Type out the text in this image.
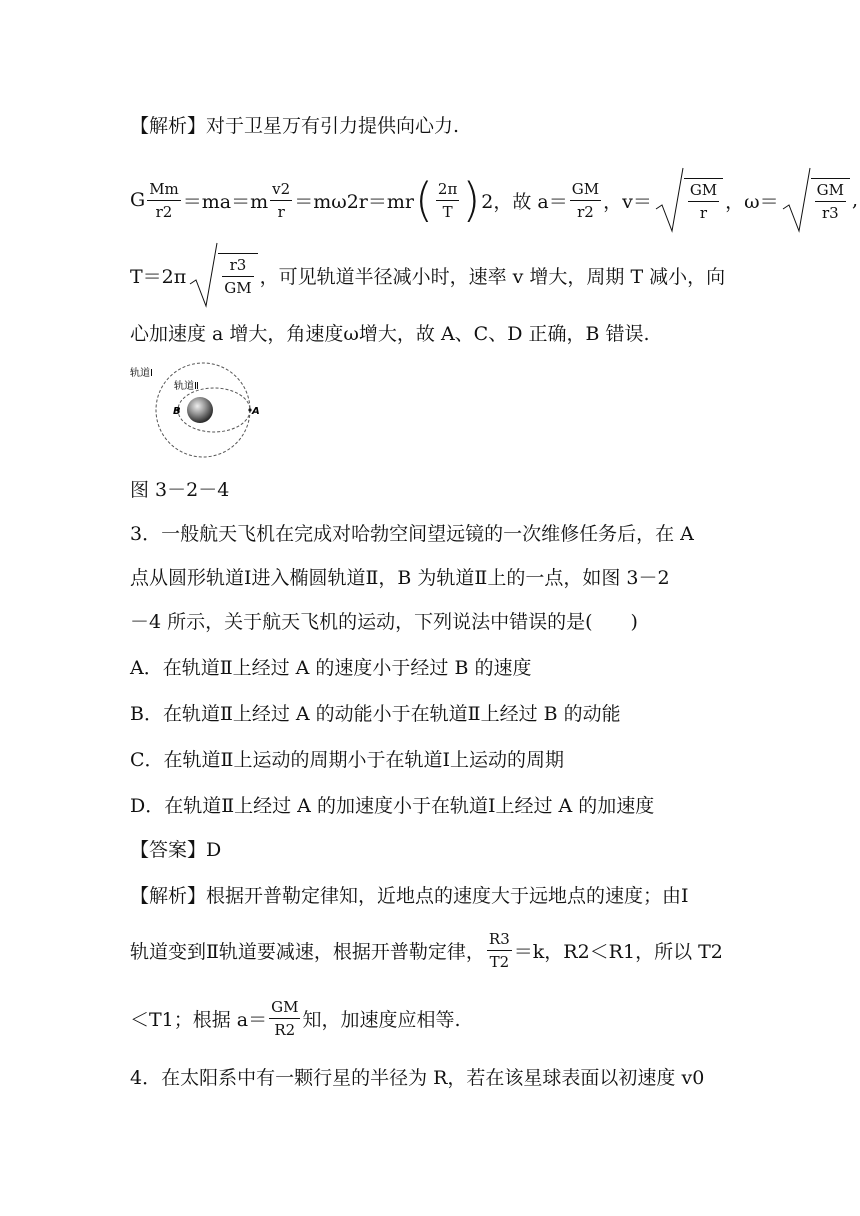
【解析】对于卫星万有引力提供向心力.
G $\frac{Mm}{r2} =ma=m \frac{v2}{r} =m\omega 2r=mr$ ( $\frac{2\pi}{T}$ ) 2，故 $a= \frac{GM}{r2}$ ，$v= \frac{GM}{r}$ ，$\omega= \frac{GM}{r3}$ ,
$T=2\pi \frac{r3}{GM}$ ，可见轨道半径减小时，速率 v 增大，周期 T 减小，向
心加速度 a 增大，角速度ω增大，故 A、C、D 正确，B 错误.
轨道Ⅰ
轨道Ⅱ
B	A
图 3－2－4
3．一般航天飞机在完成对哈勃空间望远镜的一次维修任务后，在 A
点从圆形轨道Ⅰ进入椭圆轨道Ⅱ，B 为轨道Ⅱ上的一点，如图 3－2
－4 所示，关于航天飞机的运动，下列说法中错误的是(　　)
A．在轨道Ⅱ上经过 A 的速度小于经过 B 的速度
B．在轨道Ⅱ上经过 A 的动能小于在轨道Ⅱ上经过 B 的动能
C．在轨道Ⅱ上运动的周期小于在轨道Ⅰ上运动的周期
D．在轨道Ⅱ上经过 A 的加速度小于在轨道Ⅰ上经过 A 的加速度
【答案】D
【解析】根据开普勒定律知，近地点的速度大于远地点的速度；由Ⅰ
轨道变到Ⅱ轨道要减速，根据开普勒定律， $\frac{R3}{T2} =k$，R2＜R1，所以 T2
＜T1；根据 $a= \frac{GM}{R2}$ 知，加速度应相等.
4．在太阳系中有一颗行星的半径为 R，若在该星球表面以初速度 v0
